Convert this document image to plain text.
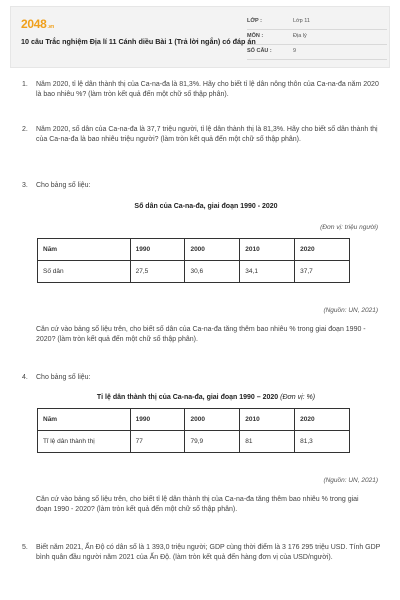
2048.vn
10 câu Trắc nghiệm Địa lí 11 Cánh diều Bài 1 (Trả lời ngắn) có đáp án
LỚP :	Lớp 11
MÔN :	Địa lý
SỐ CÂU :	9
1. Năm 2020, tỉ lệ dân thành thị của Ca-na-đa là 81,3%. Hãy cho biết tỉ lệ dân nông thôn của Ca-na-đa năm 2020 là bao nhiêu %? (làm tròn kết quả đến một chữ số thập phân).
2. Năm 2020, số dân của Ca-na-đa là 37,7 triệu người, tỉ lệ dân thành thị là 81,3%. Hãy cho biết số dân thành thị của Ca-na-đa là bao nhiêu triệu người? (làm tròn kết quả đến một chữ số thập phân).
3. Cho bảng số liệu:
Số dân của Ca-na-đa, giai đoạn 1990 - 2020
(Đơn vị: triệu người)
Năm	1990	2000	2010	2020
Số dân	27,5	30,6	34,1	37,7
(Nguồn: UN, 2021)
Căn cứ vào bảng số liệu trên, cho biết số dân của Ca-na-đa tăng thêm bao nhiêu % trong giai đoạn 1990 - 2020? (làm tròn kết quả đến một chữ số thập phân).
4. Cho bảng số liệu:
Tỉ lệ dân thành thị của Ca-na-đa, giai đoạn 1990 – 2020 (Đơn vị: %)
Năm	1990	2000	2010	2020
Tỉ lệ dân thành thị	77	79,9	81	81,3
(Nguồn: UN, 2021)
Căn cứ vào bảng số liệu trên, cho biết tỉ lệ dân thành thị của Ca-na-đa tăng thêm bao nhiêu % trong giai đoạn 1990 - 2020? (làm tròn kết quả đến một chữ số thập phân).
5. Biết năm 2021, Ấn Độ có dân số là 1 393,0 triệu người; GDP cùng thời điểm là 3 176 295 triệu USD. Tính GDP bình quân đầu người năm 2021 của Ấn Độ. (làm tròn kết quả đến hàng đơn vị của USD/người).
